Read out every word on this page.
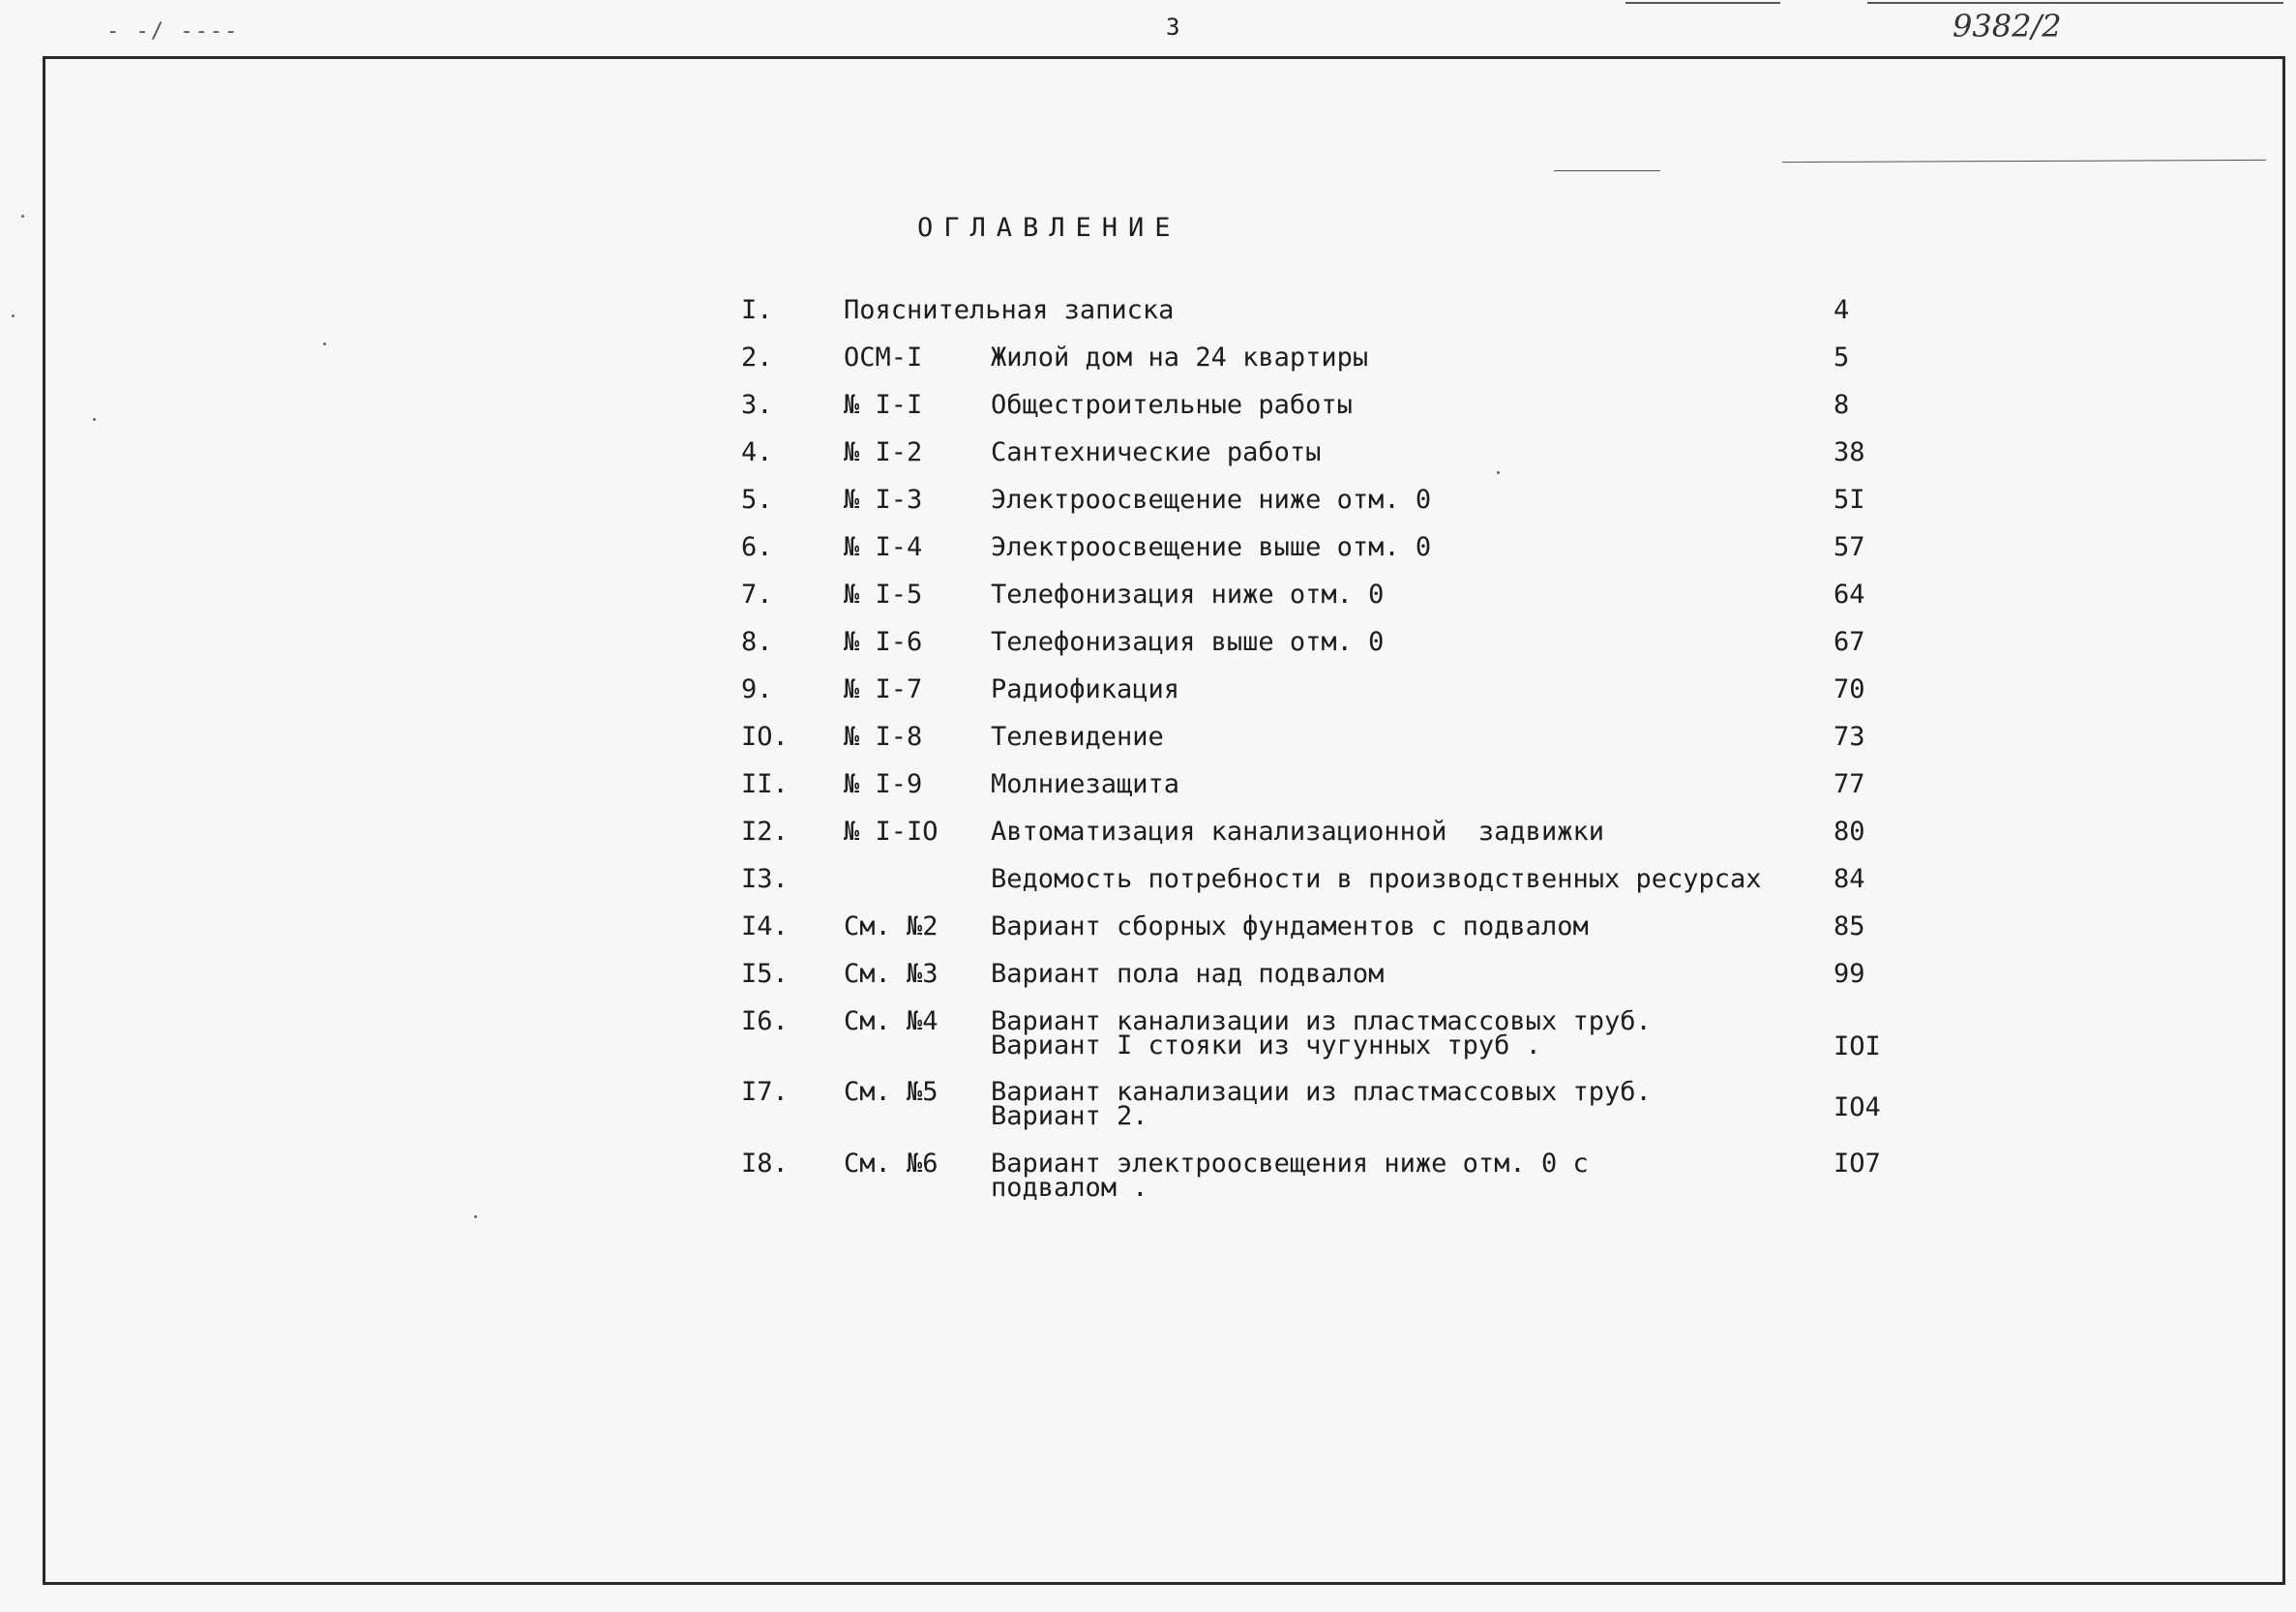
- -/ ----	3	9382/2
ОГЛАВЛЕНИЕ
I.	Пояснительная записка	4
2.	ОСМ-I	Жилой дом на 24 квартиры	5
3.	№ I-I	Общестроительные работы	8
4.	№ I-2	Сантехнические работы	38
5.	№ I-3	Электроосвещение ниже отм. 0	5I
6.	№ I-4	Электроосвещение выше отм. 0	57
7.	№ I-5	Телефонизация ниже отм. 0	64
8.	№ I-6	Телефонизация выше отм. 0	67
9.	№ I-7	Радиофикация	70
IO. № I-8	Телевидение	73
II. № I-9	Молниезащита	77
I2. № I-IO Автоматизация канализационной  задвижки	80
I3.	Ведомость потребности в производственных ресурсах	84
I4. См. №2 Вариант сборных фундаментов с подвалом	85
I5. См. №3 Вариант пола над подвалом	99
I6. См. №4 Вариант канализации из пластмассовых труб.
Вариант I стояки из чугунных труб .	IOI
I7. См. №5 Вариант канализации из пластмассовых труб.
Вариант 2.	IO4
I8. См. №6 Вариант электроосвещения ниже отм. 0 с
подвалом .
IO7
